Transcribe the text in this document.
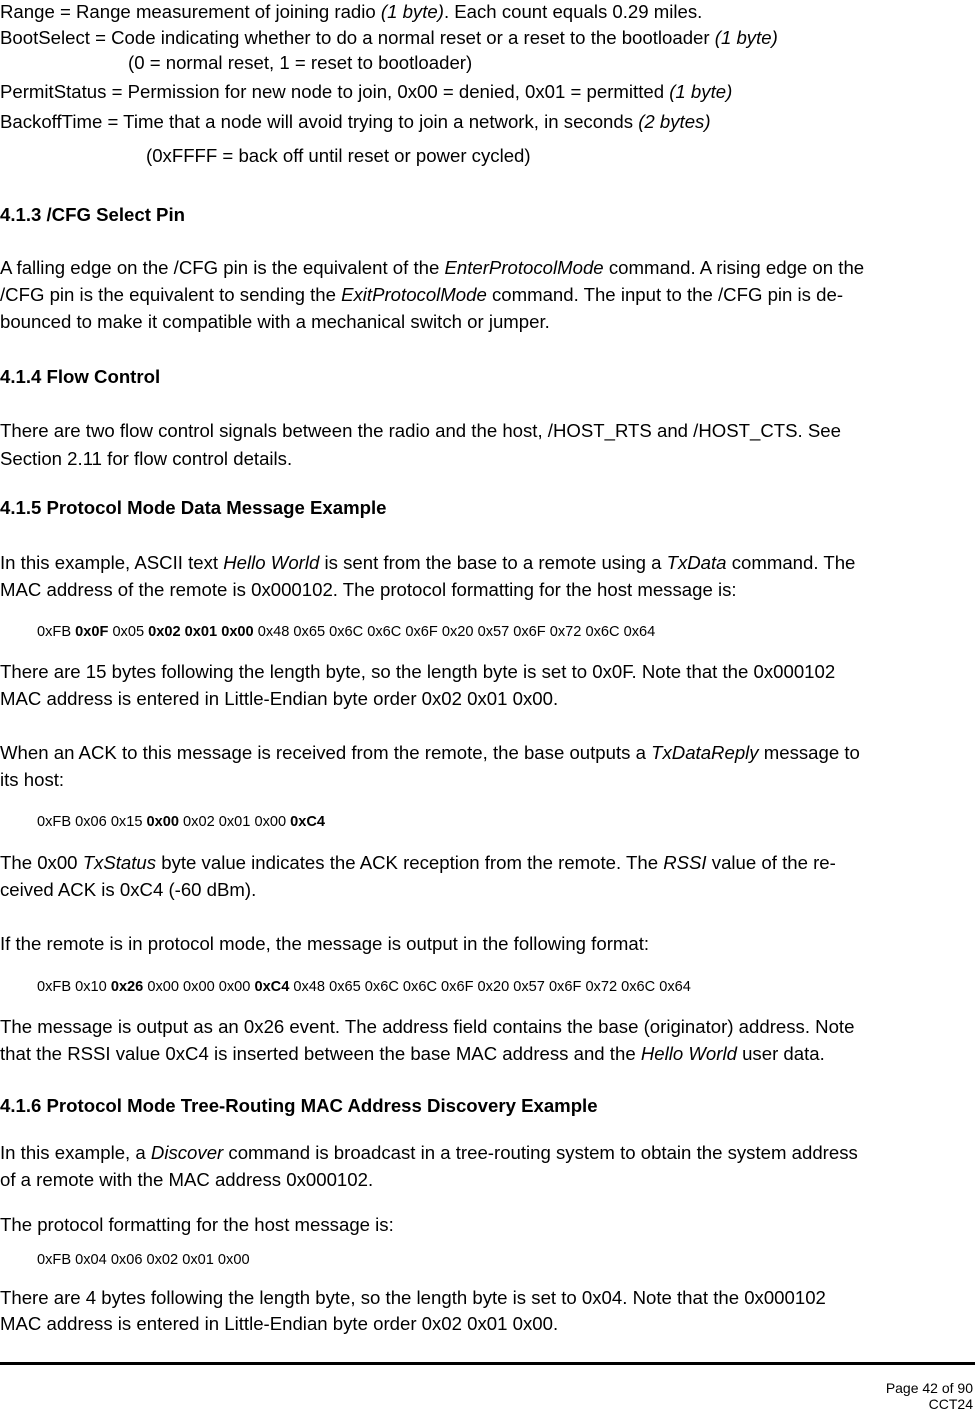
Range = Range measurement of joining radio (1 byte). Each count equals 0.29 miles.
BootSelect = Code indicating whether to do a normal reset or a reset to the bootloader (1 byte)
(0 = normal reset, 1 = reset to bootloader)
PermitStatus = Permission for new node to join, 0x00 = denied, 0x01 = permitted (1 byte)
BackoffTime = Time that a node will avoid trying to join a network, in seconds (2 bytes)
(0xFFFF = back off until reset or power cycled)
4.1.3 /CFG Select Pin
A falling edge on the /CFG pin is the equivalent of the EnterProtocolMode command. A rising edge on the
/CFG pin is the equivalent to sending the ExitProtocolMode command. The input to the /CFG pin is de-
bounced to make it compatible with a mechanical switch or jumper.
4.1.4 Flow Control
There are two flow control signals between the radio and the host, /HOST_RTS and /HOST_CTS. See
Section 2.11 for flow control details.
4.1.5 Protocol Mode Data Message Example
In this example, ASCII text Hello World is sent from the base to a remote using a TxData command. The
MAC address of the remote is 0x000102. The protocol formatting for the host message is:
0xFB 0x0F 0x05 0x02 0x01 0x00 0x48 0x65 0x6C 0x6C 0x6F 0x20 0x57 0x6F 0x72 0x6C 0x64
There are 15 bytes following the length byte, so the length byte is set to 0x0F. Note that the 0x000102
MAC address is entered in Little-Endian byte order 0x02 0x01 0x00.
When an ACK to this message is received from the remote, the base outputs a TxDataReply message to
its host:
0xFB 0x06 0x15 0x00 0x02 0x01 0x00 0xC4
The 0x00 TxStatus byte value indicates the ACK reception from the remote. The RSSI value of the re-
ceived ACK is 0xC4 (-60 dBm).
If the remote is in protocol mode, the message is output in the following format:
0xFB 0x10 0x26 0x00 0x00 0x00 0xC4 0x48 0x65 0x6C 0x6C 0x6F 0x20 0x57 0x6F 0x72 0x6C 0x64
The message is output as an 0x26 event. The address field contains the base (originator) address. Note
that the RSSI value 0xC4 is inserted between the base MAC address and the Hello World user data.
4.1.6 Protocol Mode Tree-Routing MAC Address Discovery Example
In this example, a Discover command is broadcast in a tree-routing system to obtain the system address
of a remote with the MAC address 0x000102.
The protocol formatting for the host message is:
0xFB 0x04 0x06 0x02 0x01 0x00
There are 4 bytes following the length byte, so the length byte is set to 0x04. Note that the 0x000102
MAC address is entered in Little-Endian byte order 0x02 0x01 0x00.
Page 42 of 90
CCT24
